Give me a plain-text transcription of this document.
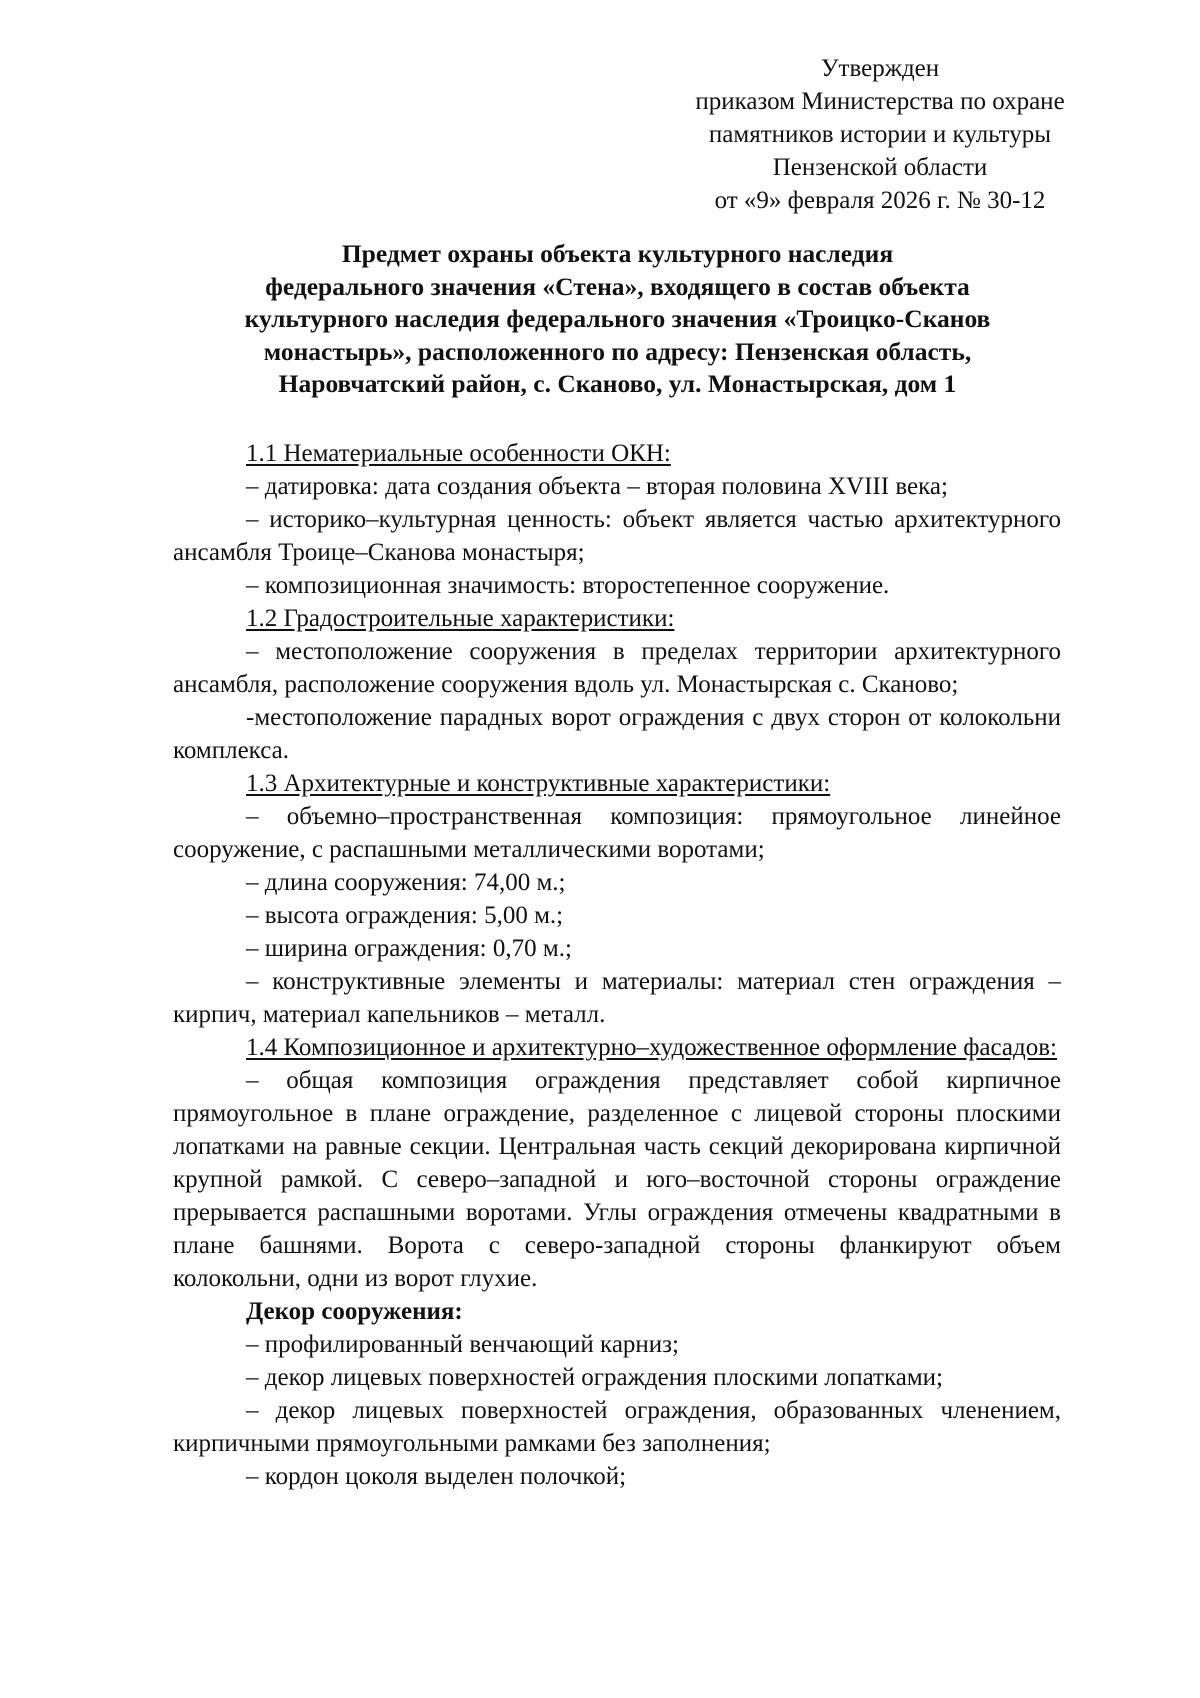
Утвержден
приказом Министерства по охране
памятников истории и культуры
Пензенской области
от «9» февраля 2026 г. № 30-12
Предмет охраны объекта культурного наследия
федерального значения «Стена», входящего в состав объекта
культурного наследия федерального значения «Троицко-Сканов
монастырь», расположенного по адресу: Пензенская область,
Наровчатский район, с. Сканово, ул. Монастырская, дом 1

1.1 Нематериальные особенности ОКН:

– датировка: дата создания объекта – вторая половина XVIII века;

– историко–культурная ценность: объект является частью архитектурного ансамбля Троице–Сканова монастыря;

– композиционная значимость: второстепенное сооружение.

1.2 Градостроительные характеристики:

– местоположение сооружения в пределах территории архитектурного ансамбля, расположение сооружения вдоль ул. Монастырская с. Сканово;

-местоположение парадных ворот ограждения с двух сторон от колокольни комплекса.

1.3 Архитектурные и конструктивные характеристики:

– объемно–пространственная композиция: прямоугольное линейное сооружение, с распашными металлическими воротами;

– длина сооружения: 74,00 м.;

– высота ограждения: 5,00 м.;

– ширина ограждения: 0,70 м.;

– конструктивные элементы и материалы: материал стен ограждения – кирпич, материал капельников – металл.

1.4 Композиционное и архитектурно–художественное оформление фасадов:

– общая композиция ограждения представляет собой кирпичное прямоугольное в плане ограждение, разделенное с лицевой стороны плоскими лопатками на равные секции. Центральная часть секций декорирована кирпичной крупной рамкой. С северо–западной и юго–восточной стороны ограждение прерывается распашными воротами. Углы ограждения отмечены квадратными в плане башнями. Ворота с северо-западной стороны фланкируют объем колокольни, одни из ворот глухие.

Декор сооружения:

– профилированный венчающий карниз;

– декор лицевых поверхностей ограждения плоскими лопатками;

– декор лицевых поверхностей ограждения, образованных членением, кирпичными прямоугольными рамками без заполнения;

– кордон цоколя выделен полочкой;
